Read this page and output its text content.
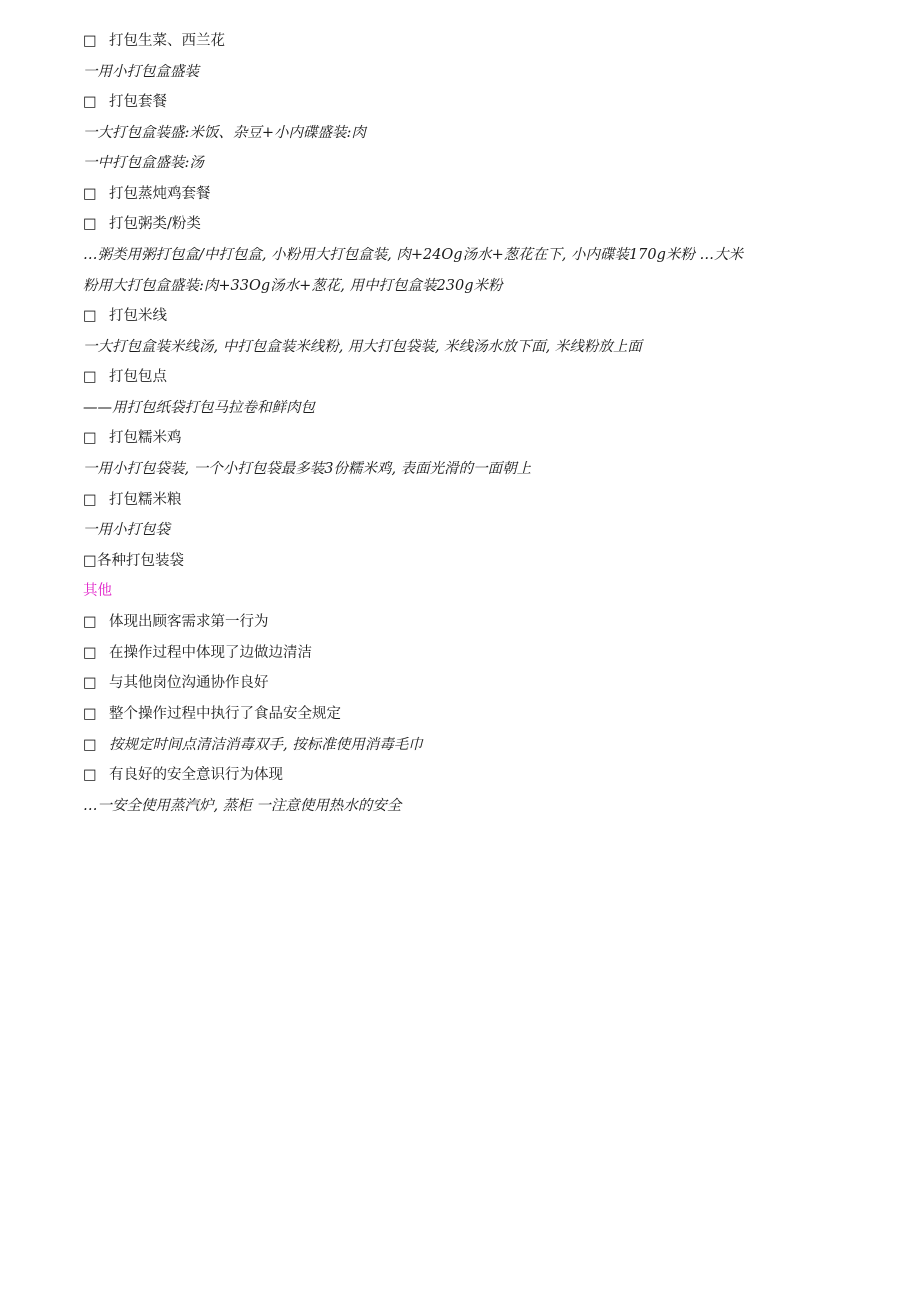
□ 打包生菜、西兰花
一用小打包盒盛装
□ 打包套餐
一大打包盒装盛:米饭、杂豆+小内碟盛装:肉
一中打包盒盛装:汤
□ 打包蒸炖鸡套餐
□ 打包粥类/粉类
…粥类用粥打包盒/中打包盒, 小粉用大打包盒装, 肉+24Og汤水+葱花在下, 小内碟装170g米粉 …大米
粉用大打包盒盛装:肉+33Og汤水+葱花, 用中打包盒装230g米粉
□ 打包米线
一大打包盒装米线汤, 中打包盒装米线粉, 用大打包袋装, 米线汤水放下面, 米线粉放上面
□ 打包包点
——用打包纸袋打包马拉卷和鲜肉包
□ 打包糯米鸡
一用小打包袋装, 一个小打包袋最多装3份糯米鸡, 表面光滑的一面朝上
□ 打包糯米粮
一用小打包袋
□各种打包装袋
其他
□ 体现出顾客需求第一行为
□ 在操作过程中体现了边做边清洁
□ 与其他岗位沟通协作良好
□ 整个操作过程中执行了食品安全规定
□ 按规定时间点清洁消毒双手, 按标准使用消毒毛巾
□ 有良好的安全意识行为体现
…一安全使用蒸汽炉, 蒸柜 一注意使用热水的安全
